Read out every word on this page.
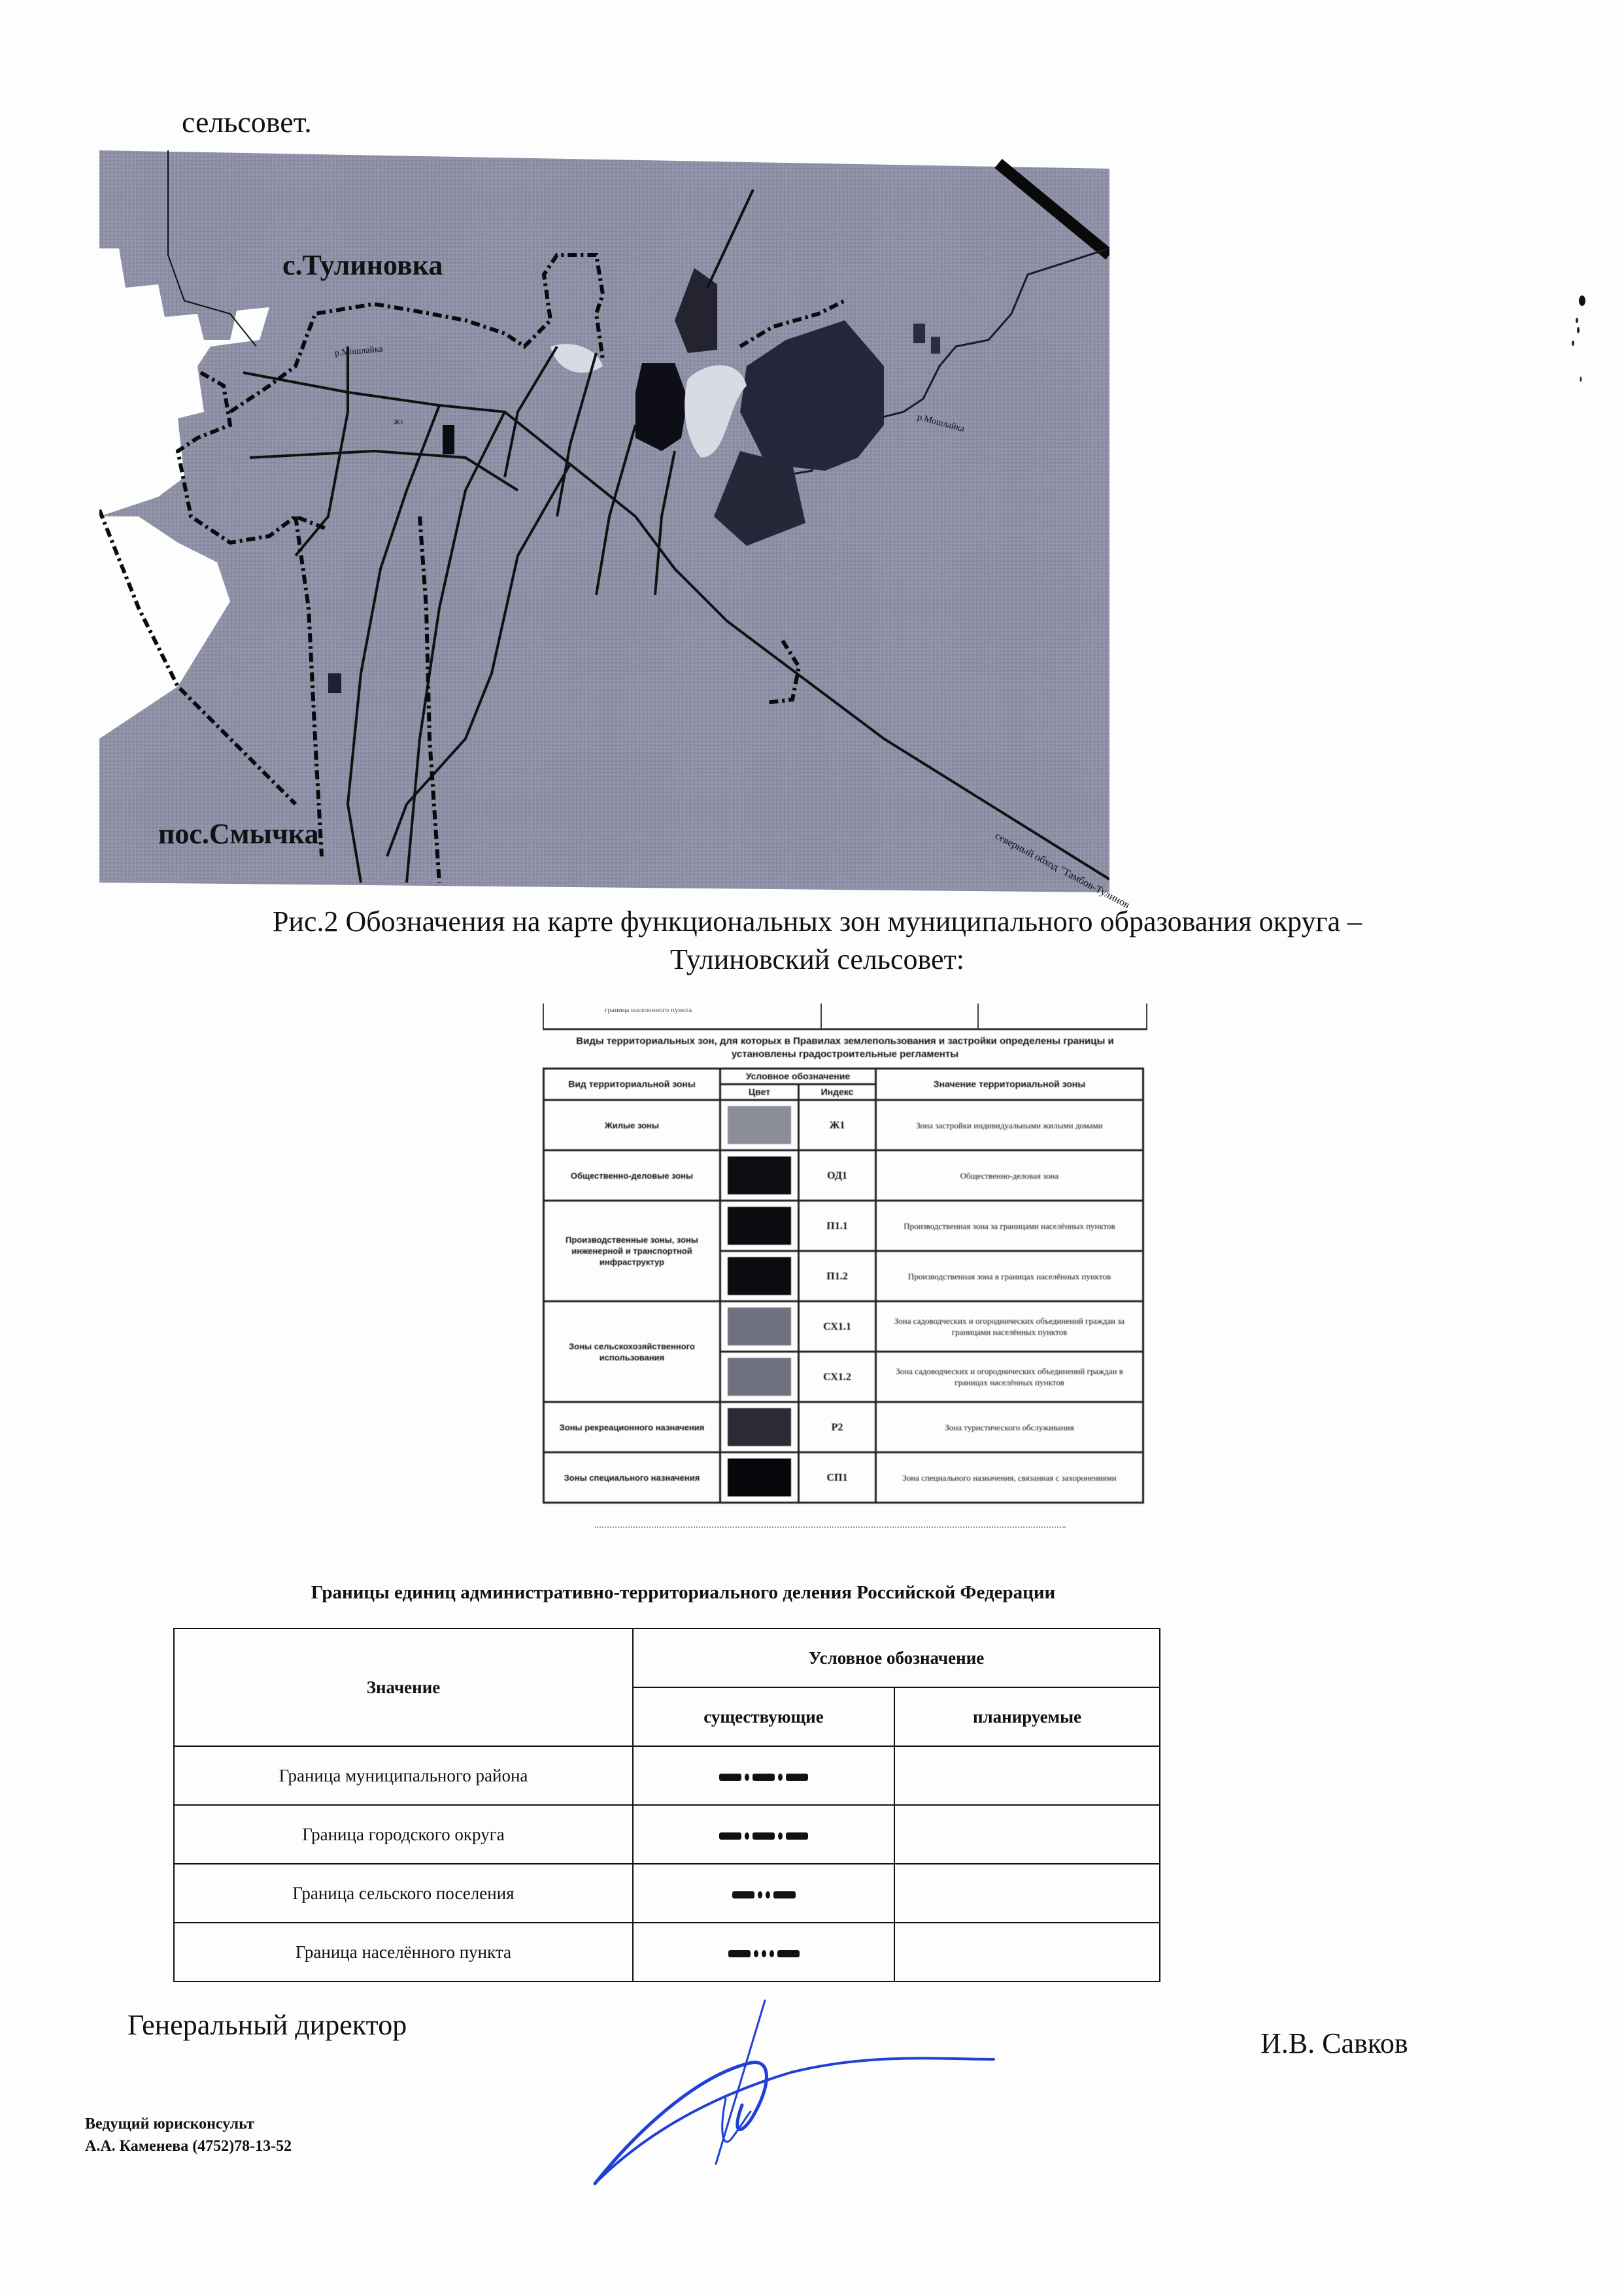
сельсовет.
с.Тулиновка
пос.Смычка
р.Мошлайка
р.Мошлайка
северный обход "Тамбов-Тулинов
Ж1
Рис.2 Обозначения на карте функциональных зон муниципального образования округа –
Тулиновский сельсовет:
граница населенного пункта
Виды территориальных зон, для которых в Правилах землепользования и застройки определены границы и установлены градостроительные регламенты
Вид территориальной зоны	Условное обозначение		Значение территориальной зоны
	Цвет	Индекс	
Жилые зоны		Ж1	Зона застройки индивидуальными жилыми домами
Общественно-деловые зоны		ОД1	Общественно-деловая зона
Производственные зоны, зоны инженерной и транспортной инфраструктур		П1.1	Производственная зона за границами населённых пунктов

		П1.2	Производственная зона в границах населённых пунктов
Зоны сельскохозяйственного использования		СХ1.1	Зона садоводческих и огороднических объединений граждан за границами населённых пунктов

		СХ1.2	Зона садоводческих и огороднических объединений граждан в границах населённых пунктов
Зоны рекреационного назначения		Р2	Зона туристического обслуживания
Зоны специального назначения		СП1	Зона специального назначения, связанная с захоронениями
Границы единиц административно-территориального деления Российской Федерации
Значение	Условное обозначение	
	существующие	планируемые
Граница муниципального района	

Граница городского округа	

Граница сельского поселения	

Граница населённого пункта	

Генеральный директор
И.В. Савков
Ведущий юрисконсульт
А.А. Каменева (4752)78-13-52
